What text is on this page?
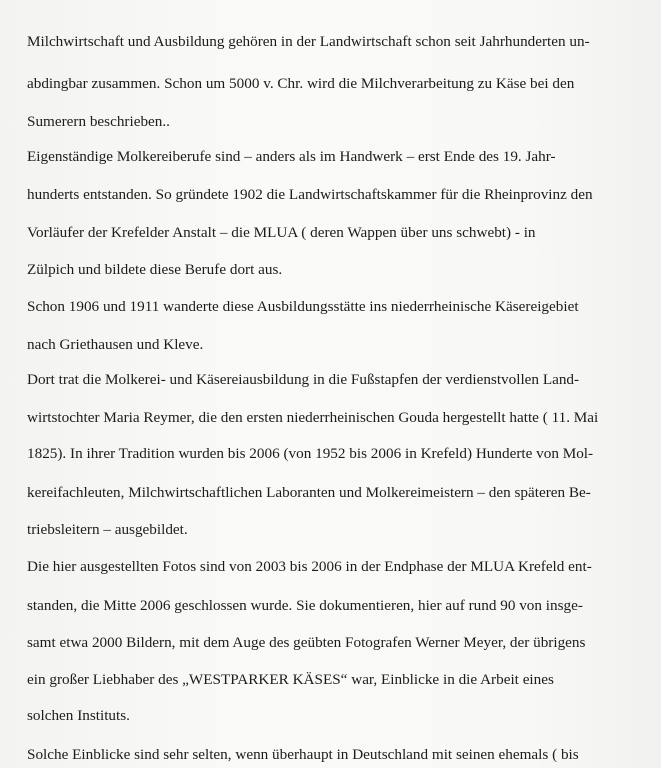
Milchwirtschaft und Ausbildung gehören in der Landwirtschaft schon seit Jahrhunderten un-

abdingbar zusammen. Schon um 5000 v. Chr. wird die Milchverarbeitung zu Käse bei den

Sumerern beschrieben..

Eigenständige Molkereiberufe sind – anders als im Handwerk – erst Ende des 19. Jahr-

hunderts entstanden. So gründete 1902 die Landwirtschaftskammer für die Rheinprovinz den

Vorläufer der Krefelder Anstalt – die MLUA ( deren Wappen über uns schwebt) - in

Zülpich und bildete diese Berufe dort aus.

Schon 1906 und 1911 wanderte diese Ausbildungsstätte ins niederrheinische Käsereigebiet

nach Griethausen und Kleve.

Dort trat die Molkerei- und Käsereiausbildung in die Fußstapfen der verdienstvollen Land-

wirtstochter Maria Reymer, die den ersten niederrheinischen Gouda hergestellt hatte ( 11. Mai

1825). In ihrer Tradition wurden bis 2006 (von 1952 bis 2006 in Krefeld) Hunderte von Mol-

kereifachleuten, Milchwirtschaftlichen Laboranten und Molkereimeistern – den späteren Be-

triebsleitern – ausgebildet.

Die hier ausgestellten Fotos sind von 2003 bis 2006 in der Endphase der MLUA Krefeld ent-

standen, die Mitte 2006 geschlossen wurde. Sie dokumentieren, hier auf rund 90 von insge-

samt etwa 2000 Bildern, mit dem Auge des geübten Fotografen Werner Meyer, der übrigens

ein großer Liebhaber des „WESTPARKER KÄSES“ war, Einblicke in die Arbeit eines

solchen Instituts.

Solche Einblicke sind sehr selten, wenn überhaupt in Deutschland mit seinen ehemals ( bis
